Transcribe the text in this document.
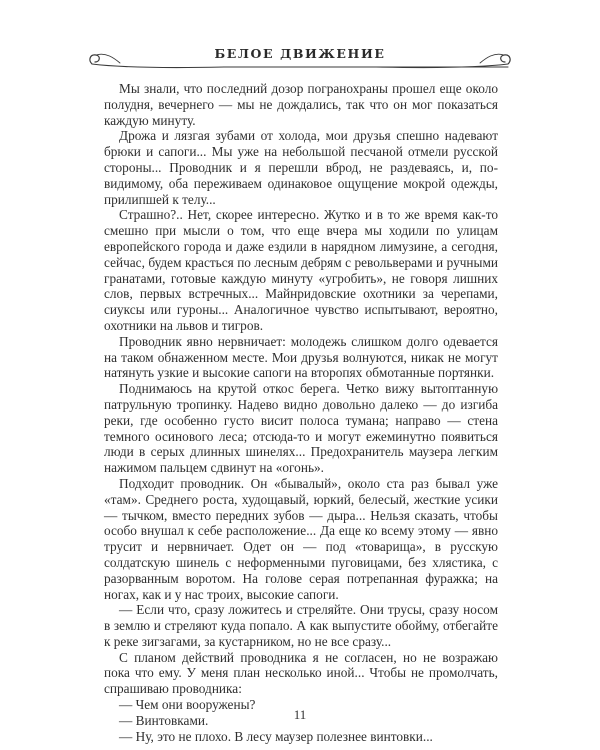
БЕЛОЕ ДВИЖЕНИЕ

Мы знали, что последний дозор погранохраны прошел еще около полудня, вечернего — мы не дождались, так что он мог показаться каждую минуту.

Дрожа и лязгая зубами от холода, мои друзья спешно надевают брюки и сапоги... Мы уже на небольшой песчаной отмели русской стороны... Проводник и я перешли вброд, не раздеваясь, и, по-видимому, оба переживаем одинаковое ощущение мокрой одежды, прилипшей к телу...

Страшно?.. Нет, скорее интересно. Жутко и в то же время как-то смешно при мысли о том, что еще вчера мы ходили по улицам европейского города и даже ездили в нарядном лимузине, а сегодня, сейчас, будем красться по лесным дебрям с револьверами и ручными гранатами, готовые каждую минуту «угробить», не говоря лишних слов, первых встречных... Майнридовские охотники за черепами, сиуксы или гуроны... Аналогичное чувство испытывают, вероятно, охотники на львов и тигров.

Проводник явно нервничает: молодежь слишком долго одевается на таком обнаженном месте. Мои друзья волнуются, никак не могут натянуть узкие и высокие сапоги на второпях обмотанные портянки.

Поднимаюсь на крутой откос берега. Четко вижу вытоптанную патрульную тропинку. Надево видно довольно далеко — до изгиба реки, где особенно густо висит полоса тумана; направо — стена темного осинового леса; отсюда-то и могут ежеминутно появиться люди в серых длинных шинелях... Предохранитель маузера легким нажимом пальцем сдвинут на «огонь».

Подходит проводник. Он «бывалый», около ста раз бывал уже «там». Среднего роста, худощавый, юркий, белесый, жесткие усики — тычком, вместо передних зубов — дыра... Нельзя сказать, чтобы особо внушал к себе расположение... Да еще ко всему этому — явно трусит и нервничает. Одет он — под «товарища», в русскую солдатскую шинель с неформенными пуговицами, без хлястика, с разорванным воротом. На голове серая потрепанная фуражка; на ногах, как и у нас троих, высокие сапоги.

— Если что, сразу ложитесь и стреляйте. Они трусы, сразу носом в землю и стреляют куда попало. А как выпустите обойму, отбегайте к реке зигзагами, за кустарником, но не все сразу...

С планом действий проводника я не согласен, но не возражаю пока что ему. У меня план несколько иной... Чтобы не промолчать, спрашиваю проводника:

— Чем они вооружены?

— Винтовками.

— Ну, это не плохо. В лесу маузер полезнее винтовки...

11
